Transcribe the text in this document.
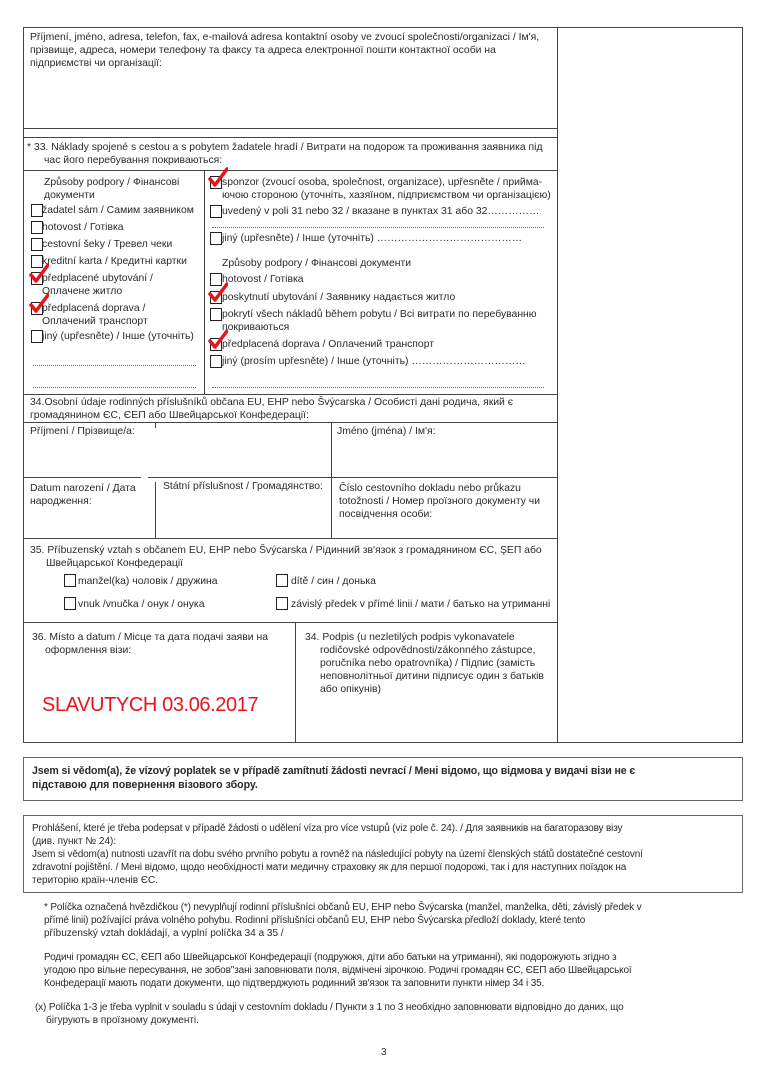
Příjmení, jméno, adresa, telefon, fax, e-mailová adresa kontaktní osoby ve zvoucí společnosti/organizaci / Ім'я,
прізвище, адреса, номери телефону та факсу та адреса електронної пошти контактної особи на
підприємстві чи організації:
* 33. Náklady spojené s cestou a s pobytem žadatele hradí / Витрати на подорож та проживання заявника під
час його перебування покриваються:
Způsoby podpory / Фінансові
документи
žadatel sám / Самим заявником
hotovost / Готівка
cestovní šeky / Тревел чеки
kreditní karta / Кредитні картки
předplacené ubytování /
Оплачене житло
předplacená doprava /
Оплачений транспорт
jiný (upřesněte) / Інше (уточніть)
sponzor (zvoucí osoba, společnost, organizace), upřesněte / прийма-
ючою стороною (уточніть, хазяїном, підприємством чи організацією)
uvedený v poli 31 nebo 32 / вказане в пунктах 31 або 32……………
jiný (upřesněte) / Інше (уточніть) ……………………………………
Způsoby podpory / Фінансові документи
hotovost / Готівка
poskytnutí ubytování / Заявнику надається житло
pokrytí všech nákladů během pobytu / Всі витрати по перебуванню
покриваються
předplacená doprava / Оплачений транспорт
jiný (prosím upřesněte) / Інше (уточніть) ……………………………
34.Osobní údaje rodinných příslušníků občana EU, EHP nebo Švýcarska / Особисті дані родича, який є
громадянином ЄС, ЄЕП або Швейцарської Конфедерації:
Příjmení / Прізвище/а:	Jméno (jména) / Ім'я:
Datum narození / Дата
народження:
Státní příslušnost / Громадянство: Číslo cestovního dokladu nebo průkazu
totožnosti / Номер проїзного документу чи
посвідчення особи:
35. Příbuzenský vztah s občanem EU, EHP nebo Švýcarska / Рідинний зв'язок з громадянином ЄС, ŞЕП або
Швейцарської Конфедерації
manžel(ka) чоловік / дружина	dítě / син / донька
vnuk /vnučka / онук / онука	závislý předek v přímé linii / мати / батько на утриманні
36. Místo a datum / Місце та дата подачі заяви на
оформлення візи:
SLAVUTYCH 03.06.2017
34. Podpis (u nezletilých podpis vykonavatele
rodičovské odpovědnosti/zákonného zástupce,
poručníka nebo opatrovníka) / Підпис (замість
неповнолітньої дитини підписує один з батьків
або опікунів)
Jsem si vědom(a), že vízový poplatek se v případě zamítnutí žádosti nevrací / Мені відомо, що відмова у видачі візи не є
підставою для повернення візового збору.
Prohlášení, které je třeba podepsat v případě žádosti o udělení víza pro více vstupů (viz pole č. 24). / Для заявників на багаторазову візу
(див. пункт № 24):
Jsem si vědom(a) nutnosti uzavřít na dobu svého prvního pobytu a rovněž na následující pobyty na území členských států dostatečné cestovní
zdravotní pojištění. / Мені відомо, щодо необхідності мати медичну страховку як для першої подорожі, так і для наступних поїздок на
територію країн-членів ЄС.
* Políčka označená hvězdičkou (*) nevyplňují rodinní příslušníci občanů EU, EHP nebo Švýcarska (manžel, manželka, děti, závislý předek v
přímé linii) požívající práva volného pohybu. Rodinní příslušníci občanů EU, EHP nebo Švýcarska předloží doklady, které tento
příbuzenský vztah dokládají, a vyplní políčka 34 a 35 /
Родичі громадян ЄС, ЄЕП або Швейцарської Конфедерації (подружжя, діти або батьки на утриманні), які подорожують згідно з
угодою про вільне пересування, не зобов''зані заповнювати поля, відмічені зірочкою. Родичі громадян ЄС, ЄЕП або Швейцарської
Конфедерації мають подати документи, що підтверджують родинний зв'язок та заповнити пункти німер 34 і 35.
(x) Políčka 1-3 je třeba vyplnit v souladu s údaji v cestovním dokladu / Пункти з 1 по 3 необхідно заповнювати відповідно до даних, що
бігурують в проїзному документі.
3
